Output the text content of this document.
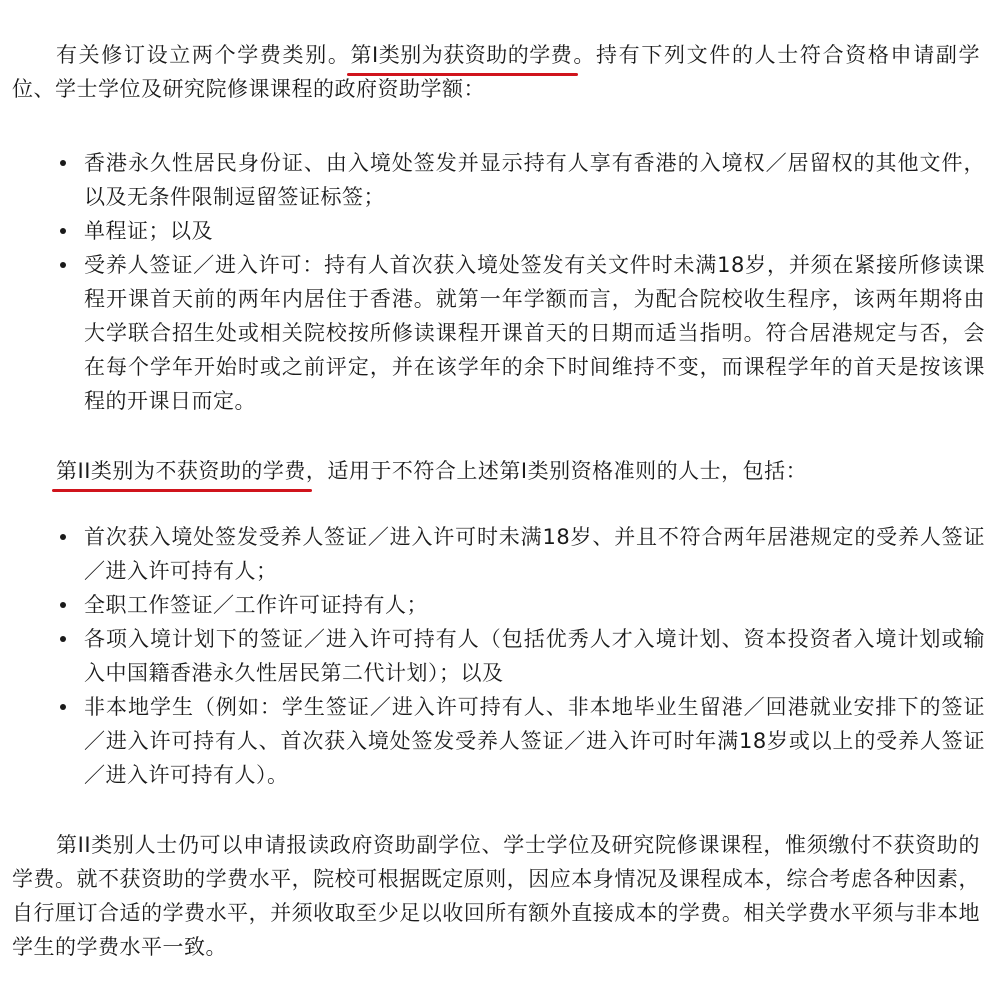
有关修订设立两个学费类别。第I类别为获资助的学费
。持有下列文件的人士符合资格申请副学位、学士学位及研究院修课课程的政府资助学额：

香港永久性居民身份证、由入境处签发并显示持有人享有香港的入境权／居留权的其他文件，以及无条件限制逗留签证标签；
单程证；以及
受养人签证／进入许可：持有人首次获入境处签发有关文件时未满18岁，并须在紧接所修读课程开课首天前的两年内居住于香港。就第一年学额而言，为配合院校收生程序，该两年期将由大学联合招生处或相关院校按所修读课程开课首天的日期而适当指明。符合居港规定与否，会在每个学年开始时或之前评定，并在该学年的余下时间维持不变，而课程学年的首天是按该课程的开课日而定。

第II类别为不获资助的学费
，适用于不符合上述第I类别资格准则的人士，包括：

首次获入境处签发受养人签证／进入许可时未满18岁、并且不符合两年居港规定的受养人签证／进入许可持有人；
全职工作签证／工作许可证持有人；
各项入境计划下的签证／进入许可持有人（包括优秀人才入境计划、资本投资者入境计划或输入中国籍香港永久性居民第二代计划）；以及
非本地学生（例如：学生签证／进入许可持有人、非本地毕业生留港／回港就业安排下的签证／进入许可持有人、首次获入境处签发受养人签证／进入许可时年满18岁或以上的受养人签证／进入许可持有人）。

第II类别人士仍可以申请报读政府资助副学位、学士学位及研究院修课课程，惟须缴付不获资助的学费。就不获资助的学费水平，院校可根据既定原则，因应本身情况及课程成本，综合考虑各种因素，自行厘订合适的学费水平，并须收取至少足以收回所有额外直接成本的学费。相关学费水平须与非本地学生的学费水平一致。
